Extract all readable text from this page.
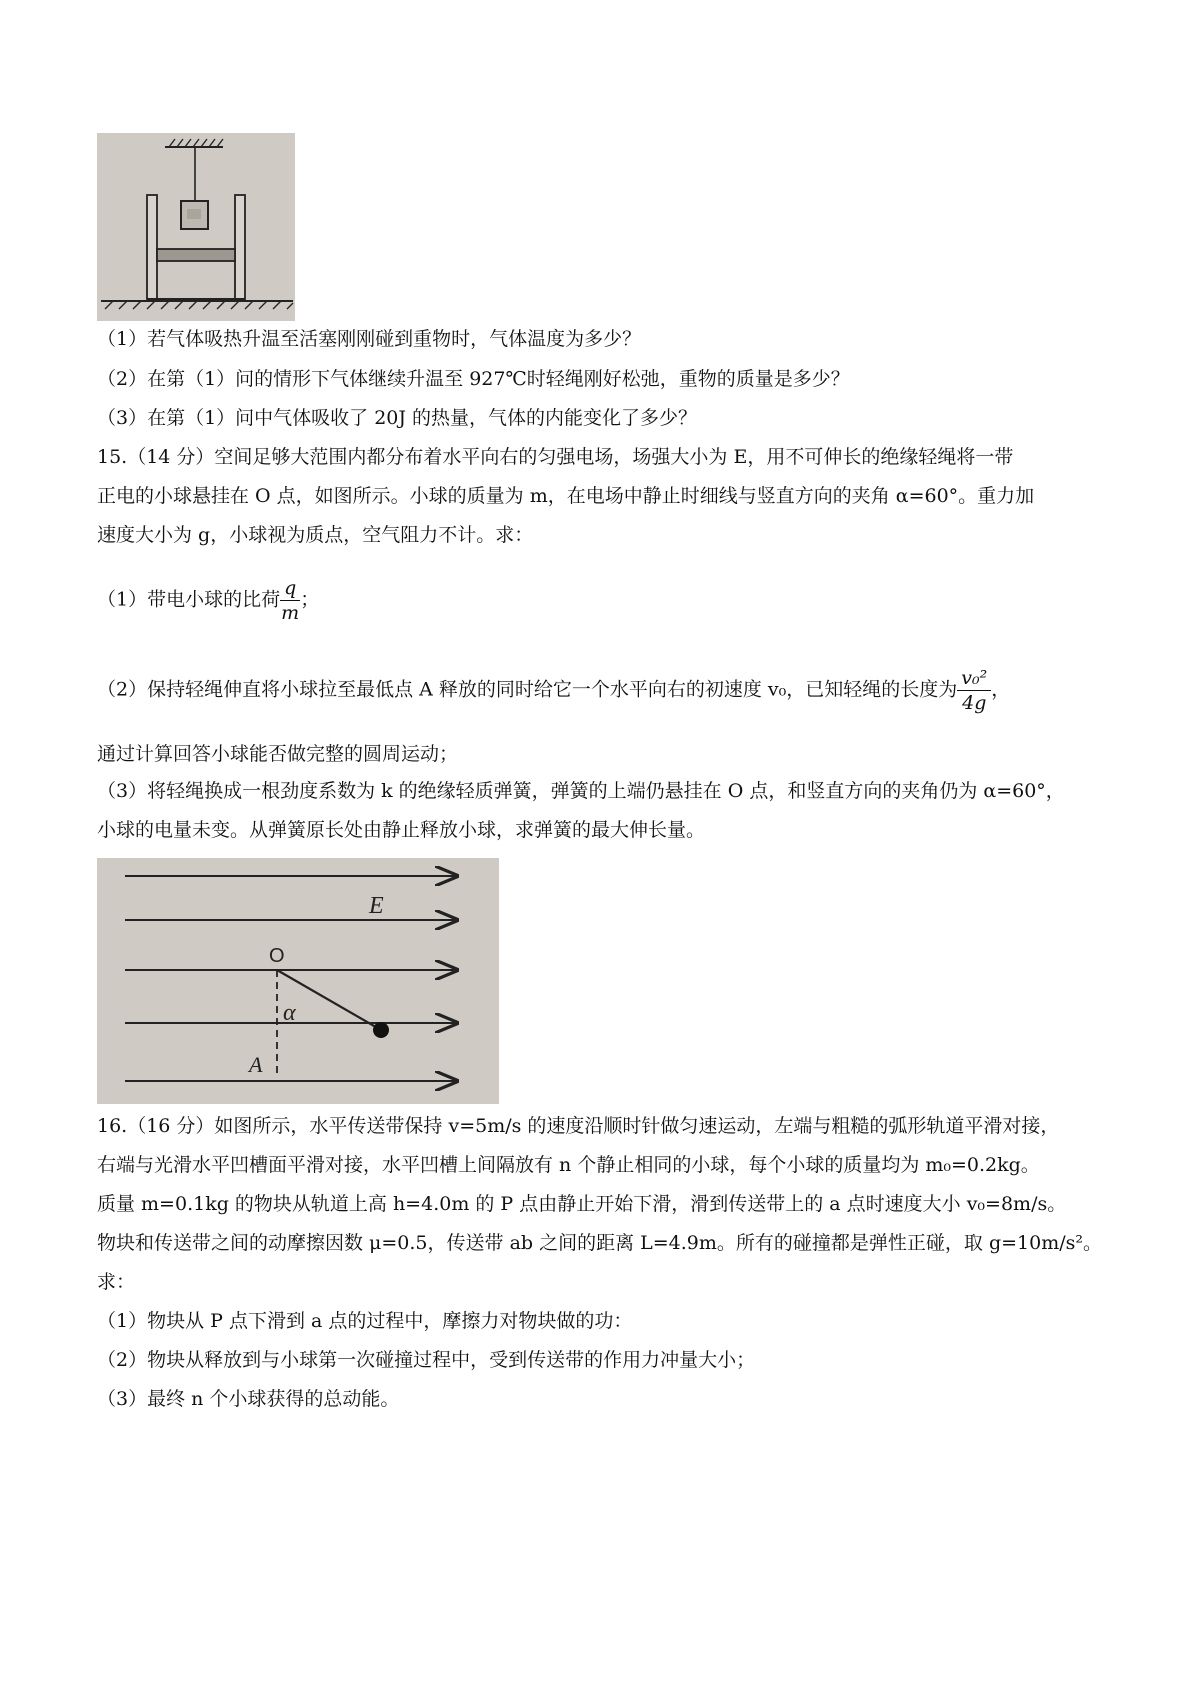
（1）若气体吸热升温至活塞刚刚碰到重物时，气体温度为多少？
（2）在第（1）问的情形下气体继续升温至 927℃时轻绳刚好松弛，重物的质量是多少？
（3）在第（1）问中气体吸收了 20J 的热量，气体的内能变化了多少？
15.（14 分）空间足够大范围内都分布着水平向右的匀强电场，场强大小为 E，用不可伸长的绝缘轻绳将一带
正电的小球悬挂在 O 点，如图所示。小球的质量为 m，在电场中静止时细线与竖直方向的夹角 α=60°。重力加
速度大小为 g，小球视为质点，空气阻力不计。求：
（1）带电小球的比荷 $\frac{q}{m}$ ；
（2）保持轻绳伸直将小球拉至最低点 A 释放的同时给它一个水平向右的初速度 v₀，已知轻绳的长度为 $\frac{\text{v₀²}}{4g}$ ，
通过计算回答小球能否做完整的圆周运动；
（3）将轻绳换成一根劲度系数为 k 的绝缘轻质弹簧，弹簧的上端仍悬挂在 O 点，和竖直方向的夹角仍为 α=60°，
小球的电量未变。从弹簧原长处由静止释放小球，求弹簧的最大伸长量。
E
O
α
A
16.（16 分）如图所示，水平传送带保持 v=5m/s 的速度沿顺时针做匀速运动，左端与粗糙的弧形轨道平滑对接，
右端与光滑水平凹槽面平滑对接，水平凹槽上间隔放有 n 个静止相同的小球，每个小球的质量均为 m₀=0.2kg。
质量 m=0.1kg 的物块从轨道上高 h=4.0m 的 P 点由静止开始下滑，滑到传送带上的 a 点时速度大小 v₀=8m/s。
物块和传送带之间的动摩擦因数 μ=0.5，传送带 ab 之间的距离 L=4.9m。所有的碰撞都是弹性正碰，取 g=10m/s²。
求：
（1）物块从 P 点下滑到 a 点的过程中，摩擦力对物块做的功：
（2）物块从释放到与小球第一次碰撞过程中，受到传送带的作用力冲量大小；
（3）最终 n 个小球获得的总动能。
